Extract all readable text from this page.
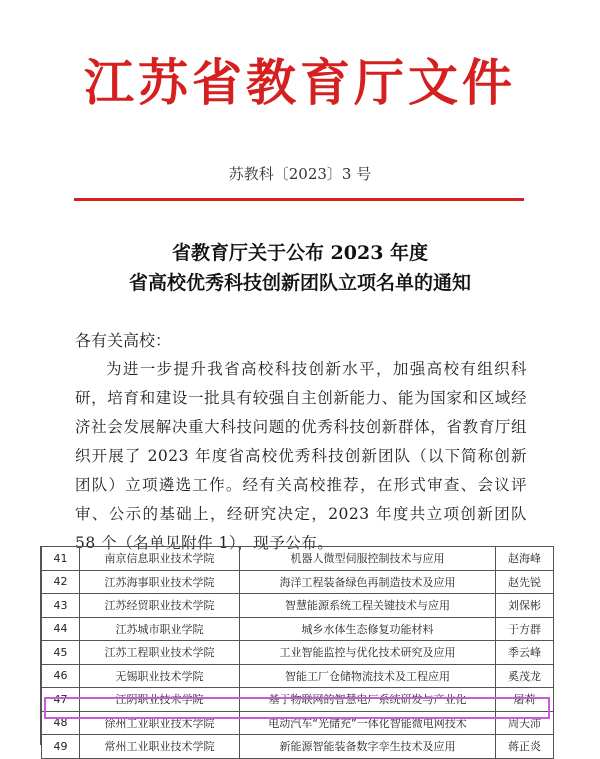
江苏省教育厅文件
苏教科〔2023〕3 号
省教育厅关于公布 2023 年度
省高校优秀科技创新团队立项名单的通知
各有关高校：
为进一步提升我省高校科技创新水平，加强高校有组织科研，培育和建设一批具有较强自主创新能力、能为国家和区域经济社会发展解决重大科技问题的优秀科技创新群体，省教育厅组织开展了 2023 年度省高校优秀科技创新团队（以下简称创新团队）立项遴选工作。经有关高校推荐，在形式审查、会议评审、公示的基础上，经研究决定，2023 年度共立项创新团队 58 个（名单见附件 1），现予公布。
41	南京信息职业技术学院	机器人微型伺服控制技术与应用	赵海峰
42	江苏海事职业技术学院	海洋工程装备绿色再制造技术及应用	赵先锐
43	江苏经贸职业技术学院	智慧能源系统工程关键技术与应用	刘保彬
44	江苏城市职业学院	城乡水体生态修复功能材料	于方群
45	江苏工程职业技术学院	工业智能监控与优化技术研究及应用	季云峰
46	无锡职业技术学院	智能工厂仓储物流技术及工程应用	奚茂龙
47	江阴职业技术学院	基于物联网的智慧电厂系统研发与产业化	屠莉
48	徐州工业职业技术学院	电动汽车“光储充”一体化智能微电网技术	周天沛
49	常州工业职业技术学院	新能源智能装备数字孪生技术及应用	蒋正炎
